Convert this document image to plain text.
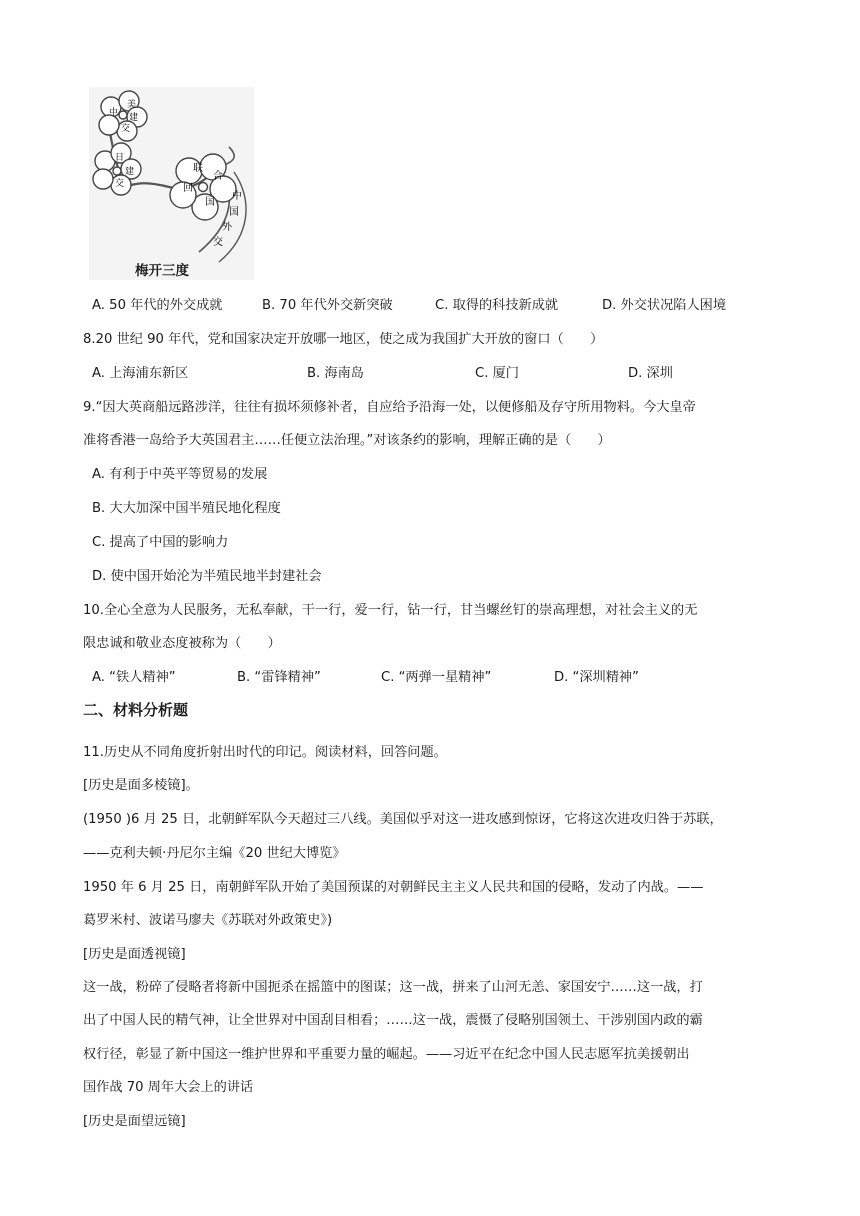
中
美
建
交
日
建
交
联
合
国
回
中
国
外
交
梅开三度
A. 50 年代的外交成就	B. 70 年代外交新突破	C. 取得的科技新成就	D. 外交状况陷人困境
8.20 世纪 90 年代，党和国家决定开放哪一地区，使之成为我国扩大开放的窗口（　　）
A. 上海浦东新区	B. 海南岛	C. 厦门	D. 深圳
9.“因大英商船远路涉洋，往往有损坏须修补者，自应给予沿海一处，以便修船及存守所用物料。今大皇帝
准将香港一岛给予大英国君主……任便立法治理。”对该条约的影响，理解正确的是（　　）
A. 有利于中英平等贸易的发展
B. 大大加深中国半殖民地化程度
C. 提高了中国的影响力
D. 使中国开始沦为半殖民地半封建社会
10.全心全意为人民服务，无私奉献，干一行，爱一行，钻一行，甘当螺丝钉的崇高理想，对社会主义的无
限忠诚和敬业态度被称为（　　）
A. “铁人精神”	B. “雷锋精神”	C. “两弹一星精神”	D. “深圳精神”
二、材料分析题
11.历史从不同角度折射出时代的印记。阅读材料，回答问题。
[历史是面多棱镜]。
(1950 )6 月 25 日，北朝鲜军队今天超过三八线。美国似乎对这一进攻感到惊讶，它将这次进攻归咎于苏联，
——克利夫顿·丹尼尔主编《20 世纪大博览》
1950 年 6 月 25 日，南朝鲜军队开始了美国预谋的对朝鲜民主主义人民共和国的侵略，发动了内战。——
葛罗米村、波诺马廖夫《苏联对外政策史》)
[历史是面透视镜]
这一战，粉碎了侵略者将新中国扼杀在摇篮中的图谋；这一战，拼来了山河无恙、家国安宁……这一战，打
出了中国人民的精气神，让全世界对中国刮目相看；……这一战，震慑了侵略别国领土、干涉别国内政的霸
权行径，彰显了新中国这一维护世界和平重要力量的崛起。——习近平在纪念中国人民志愿军抗美援朝出
国作战 70 周年大会上的讲话
[历史是面望远镜]
